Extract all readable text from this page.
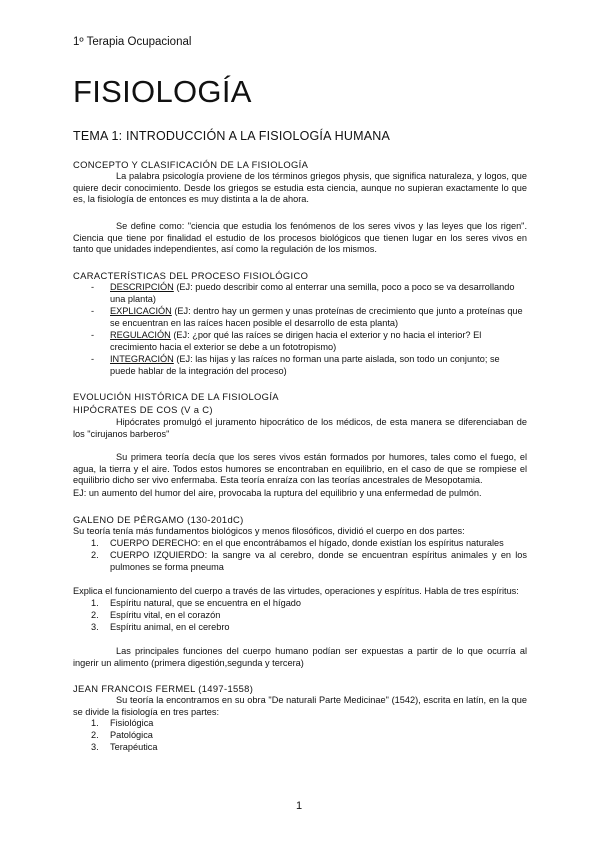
1º Terapia Ocupacional
FISIOLOGÍA
TEMA 1: INTRODUCCIÓN A LA FISIOLOGÍA HUMANA
CONCEPTO Y CLASIFICACIÓN DE LA FISIOLOGÍA
La palabra psicología proviene de los términos griegos physis, que significa naturaleza, y logos, que quiere decir conocimiento. Desde los griegos se estudia esta ciencia, aunque no supieran exactamente lo que es, la fisiología de entonces es muy distinta a la de ahora.
Se define como: "ciencia que estudia los fenómenos de los seres vivos y las leyes que los rigen". Ciencia que tiene por finalidad el estudio de los procesos biológicos que tienen lugar en los seres vivos en tanto que unidades independientes, así como la regulación de los mismos.
CARACTERÍSTICAS DEL PROCESO FISIOLÓGICO
- DESCRIPCIÓN (EJ: puedo describir como al enterrar una semilla, poco a poco se va desarrollando una planta)
- EXPLICACIÓN (EJ: dentro hay un germen y unas proteínas de crecimiento que junto a proteínas que se encuentran en las raíces hacen posible el desarrollo de esta planta)
- REGULACIÓN (EJ: ¿por qué las raíces se dirigen hacia el exterior y no hacia el interior? El crecimiento hacia el exterior se debe a un fototropismo)
- INTEGRACIÓN (EJ: las hijas y las raíces no forman una parte aislada, son todo un conjunto; se puede hablar de la integración del proceso)
EVOLUCIÓN HISTÓRICA DE LA FISIOLOGÍA
HIPÓCRATES DE COS (V a C)
Hipócrates promulgó el juramento hipocrático de los médicos, de esta manera se diferenciaban de los "cirujanos barberos"
Su primera teoría decía que los seres vivos están formados por humores, tales como el fuego, el agua, la tierra y el aire. Todos estos humores se encontraban en equilibrio, en el caso de que se rompiese el equilibrio dicho ser vivo enfermaba. Esta teoría enraíza con las teorías ancestrales de Mesopotamia.
EJ: un aumento del humor del aire, provocaba la ruptura del equilibrio y una enfermedad de pulmón.
GALENO DE PÉRGAMO (130-201dC)
Su teoría tenía más fundamentos biológicos y menos filosóficos, dividió el cuerpo en dos partes:
1. CUERPO DERECHO: en el que encontrábamos el hígado, donde existían los espíritus naturales
2. CUERPO IZQUIERDO: la sangre va al cerebro, donde se encuentran espíritus animales y en los pulmones se forma pneuma
Explica el funcionamiento del cuerpo a través de las virtudes, operaciones y espíritus. Habla de tres espíritus:
1. Espíritu natural, que se encuentra en el hígado
2. Espíritu vital, en el corazón
3. Espíritu animal, en el cerebro
Las principales funciones del cuerpo humano podían ser expuestas a partir de lo que ocurría al ingerir un alimento (primera digestión,segunda y tercera)
JEAN FRANCOIS FERMEL (1497-1558)
Su teoría la encontramos en su obra "De naturali Parte Medicinae" (1542), escrita en latín, en la que se divide la fisiología en tres partes:
1. Fisiológica
2. Patológica
3. Terapéutica
1
